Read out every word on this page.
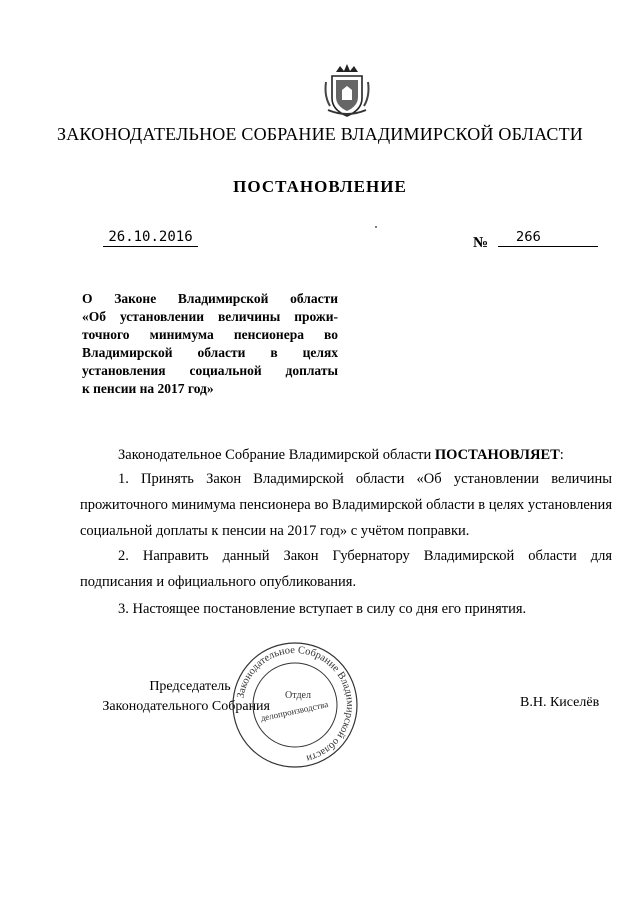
ЗАКОНОДАТЕЛЬНОЕ СОБРАНИЕ ВЛАДИМИРСКОЙ ОБЛАСТИ
ПОСТАНОВЛЕНИЕ
26.10.2016	№	266
О Законе Владимирской области
«Об установлении величины прожи-
точного минимума пенсионера во
Владимирской области в целях
установления социальной доплаты
к пенсии на 2017 год»
Законодательное Собрание Владимирской области ПОСТАНОВЛЯЕТ:
1. Принять Закон Владимирской области «Об установлении величины прожиточного минимума пенсионера во Владимирской области в целях установления социальной доплаты к пенсии на 2017 год» с учётом поправки.
2. Направить данный Закон Губернатору Владимирской области для подписания и официального опубликования.
3. Настоящее постановление вступает в силу со дня его принятия.
Председатель
Законодательного Собрания
Законодательное Собрание Владимирской области
Отдел
делопроизводства	В.Н. Киселёв
